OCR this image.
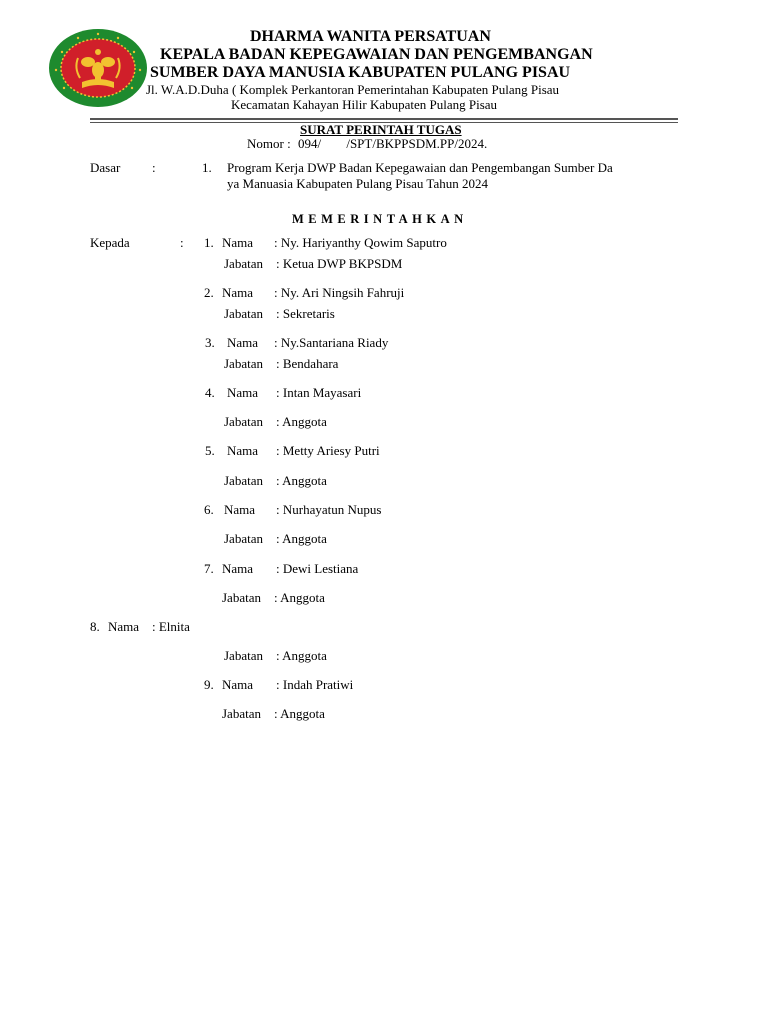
DHARMA WANITA PERSATUAN
KEPALA BADAN KEPEGAWAIAN DAN PENGEMBANGAN
SUMBER DAYA MANUSIA KABUPATEN PULANG PISAU
Jl. W.A.D.Duha ( Komplek Perkantoran Pemerintahan Kabupaten Pulang Pisau
Kecamatan Kahayan Hilir Kabupaten Pulang Pisau
SURAT PERINTAH TUGAS
Nomor : 094/ /SPT/BKPPSDM.PP/2024.
Dasar :	1. Program Kerja DWP Badan Kepegawaian dan Pengembangan Sumber Da
ya Manuasia Kabupaten Pulang Pisau Tahun 2024
MEMERINTAHKAN
Kepada	: 1. Nama : Ny. Hariyanthy Qowim Saputro
Jabatan : Ketua DWP BKPSDM
2. Nama : Ny. Ari Ningsih Fahruji
Jabatan : Sekretaris
3. Nama : Ny.Santariana Riady
Jabatan : Bendahara
4. Nama : Intan Mayasari
Jabatan : Anggota
5. Nama : Metty Ariesy Putri
Jabatan : Anggota
6. Nama : Nurhayatun Nupus
Jabatan : Anggota
7. Nama : Dewi Lestiana
Jabatan : Anggota
8. Nama : Elnita
Jabatan : Anggota
9. Nama : Indah Pratiwi
Jabatan : Anggota
